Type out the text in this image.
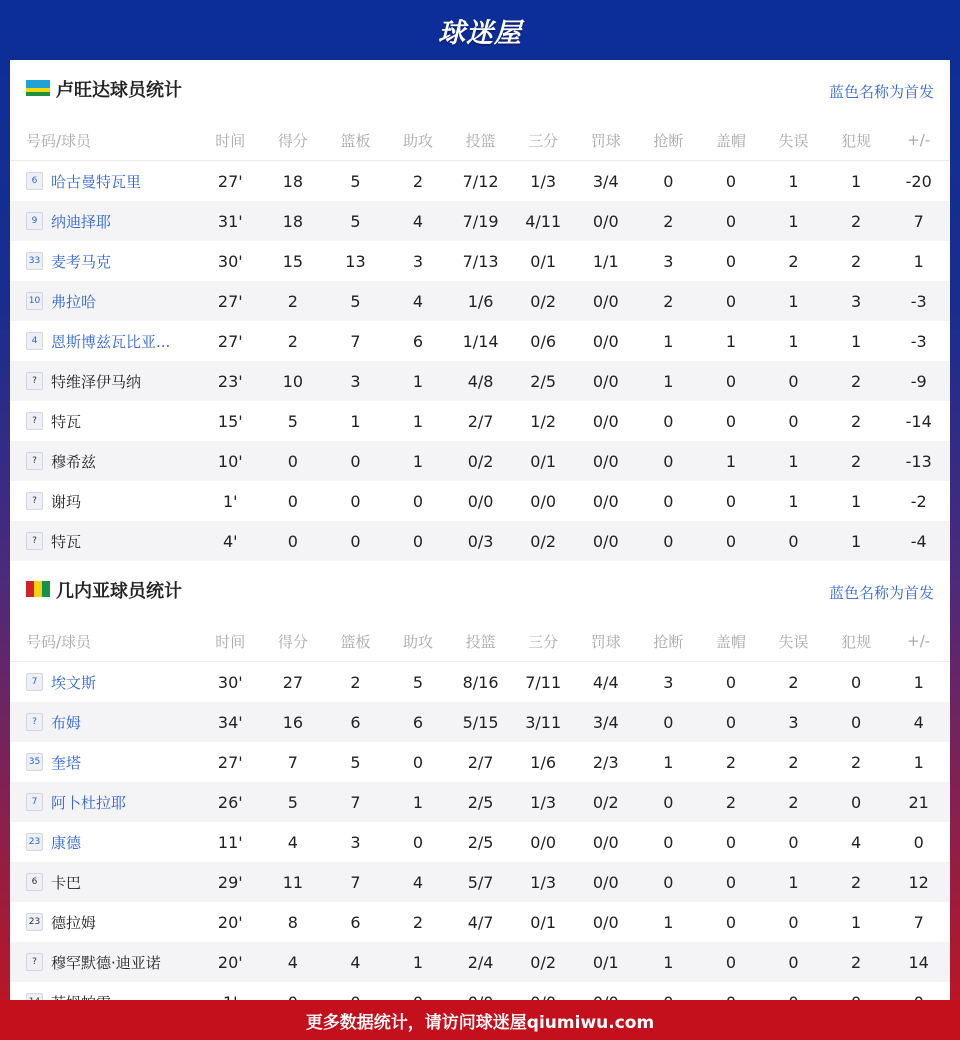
球迷屋
卢旺达球员统计	蓝色名称为首发
号码/球员	时间	得分	篮板	助攻	投篮	三分	罚球	抢断	盖帽	失误	犯规	+/-
6 哈古曼特瓦里	27'	18	5	2	7/12	1/3	3/4	0	0	1	1	-20
9 纳迪择耶	31'	18	5	4	7/19	4/11	0/0	2	0	1	2	7
33 麦考马克	30'	15	13	3	7/13	0/1	1/1	3	0	2	2	1
10 弗拉哈	27'	2	5	4	1/6	0/2	0/0	2	0	1	3	-3
4 恩斯博兹瓦比亚...	27'	2	7	6	1/14	0/6	0/0	1	1	1	1	-3
? 特维泽伊马纳	23'	10	3	1	4/8	2/5	0/0	1	0	0	2	-9
? 特瓦	15'	5	1	1	2/7	1/2	0/0	0	0	0	2	-14
? 穆希兹	10'	0	0	1	0/2	0/1	0/0	0	1	1	2	-13
? 谢玛	1'	0	0	0	0/0	0/0	0/0	0	0	1	1	-2
? 特瓦	4'	0	0	0	0/3	0/2	0/0	0	0	0	1	-4
几内亚球员统计	蓝色名称为首发
号码/球员	时间	得分	篮板	助攻	投篮	三分	罚球	抢断	盖帽	失误	犯规	+/-
7 埃文斯	30'	27	2	5	8/16	7/11	4/4	3	0	2	0	1
? 布姆	34'	16	6	6	5/15	3/11	3/4	0	0	3	0	4
35 奎塔	27'	7	5	0	2/7	1/6	2/3	1	2	2	2	1
7 阿卜杜拉耶	26'	5	7	1	2/5	1/3	0/2	0	2	2	0	21
23 康德	11'	4	3	0	2/5	0/0	0/0	0	0	0	4	0
6 卡巴	29'	11	7	4	5/7	1/3	0/0	0	0	1	2	12
23 德拉姆	20'	8	6	2	4/7	0/1	0/0	1	0	0	1	7
? 穆罕默德·迪亚诺	20'	4	4	1	2/4	0/2	0/1	1	0	0	2	14

更多数据统计，请访问球迷屋qiumiwu.com
